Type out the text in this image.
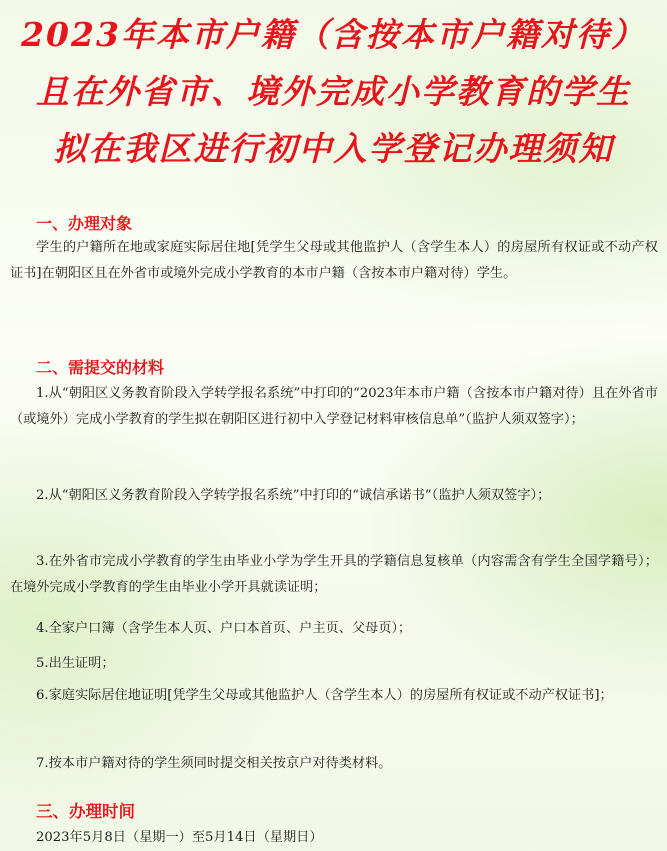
2023年本市户籍（含按本市户籍对待）
且在外省市、境外完成小学教育的学生
拟在我区进行初中入学登记办理须知
一、办理对象

学生的户籍所在地或家庭实际居住地[凭学生父母或其他监护人（含学生本人）的房屋所有权证或不动产权证书]在朝阳区且在外省市或境外完成小学教育的本市户籍（含按本市户籍对待）学生。

二、需提交的材料

1.从“朝阳区义务教育阶段入学转学报名系统”中打印的“2023年本市户籍（含按本市户籍对待）且在外省市（或境外）完成小学教育的学生拟在朝阳区进行初中入学登记材料审核信息单”（监护人须双签字）；

2.从“朝阳区义务教育阶段入学转学报名系统”中打印的“诚信承诺书”（监护人须双签字）；

3.在外省市完成小学教育的学生由毕业小学为学生开具的学籍信息复核单（内容需含有学生全国学籍号）；在境外完成小学教育的学生由毕业小学开具就读证明；

4.全家户口簿（含学生本人页、户口本首页、户主页、父母页）；

5.出生证明；

6.家庭实际居住地证明[凭学生父母或其他监护人（含学生本人）的房屋所有权证或不动产权证书]；

7.按本市户籍对待的学生须同时提交相关按京户对待类材料。

三、办理时间

2023年5月8日（星期一）至5月14日（星期日）
